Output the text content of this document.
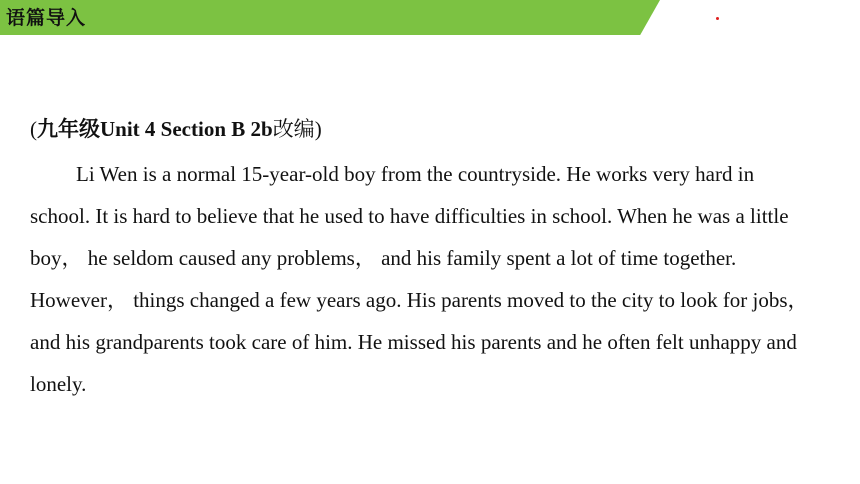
语篇导入
(九年级Unit 4 Section B 2b改编)

Li Wen is a normal 15-year-old boy from the countryside. He works very hard in school. It is hard to believe that he used to have difficulties in school. When he was a little boy， he seldom caused any problems， and his family spent a lot of time together. However， things changed a few years ago. His parents moved to the city to look for jobs， and his grandparents took care of him. He missed his parents and he often felt unhappy and lonely.
